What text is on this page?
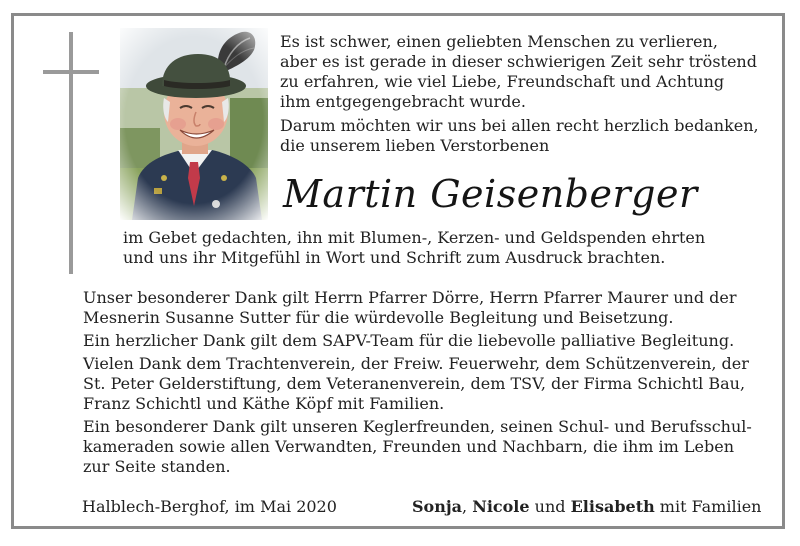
Es ist schwer, einen geliebten Menschen zu verlieren,
aber es ist gerade in dieser schwierigen Zeit sehr tröstend
zu erfahren, wie viel Liebe, Freundschaft und Achtung
ihm entgegengebracht wurde.

Darum möchten wir uns bei allen recht herzlich bedanken,
die unserem lieben Verstorbenen

Martin Geisenberger

im Gebet gedachten, ihn mit Blumen-, Kerzen- und Geldspenden ehrten
und uns ihr Mitgefühl in Wort und Schrift zum Ausdruck brachten.

Unser besonderer Dank gilt Herrn Pfarrer Dörre, Herrn Pfarrer Maurer und der
Mesnerin Susanne Sutter für die würdevolle Begleitung und Beisetzung.

Ein herzlicher Dank gilt dem SAPV-Team für die liebevolle palliative Begleitung.

Vielen Dank dem Trachtenverein, der Freiw. Feuerwehr, dem Schützenverein, der
St. Peter Gelderstiftung, dem Veteranenverein, dem TSV, der Firma Schichtl Bau,
Franz Schichtl und Käthe Köpf mit Familien.

Ein besonderer Dank gilt unseren Keglerfreunden, seinen Schul- und Berufsschul-
kameraden sowie allen Verwandten, Freunden und Nachbarn, die ihm im Leben
zur Seite standen.

Halblech-Berghof, im Mai 2020	Sonja, Nicole und Elisabeth mit Familien
